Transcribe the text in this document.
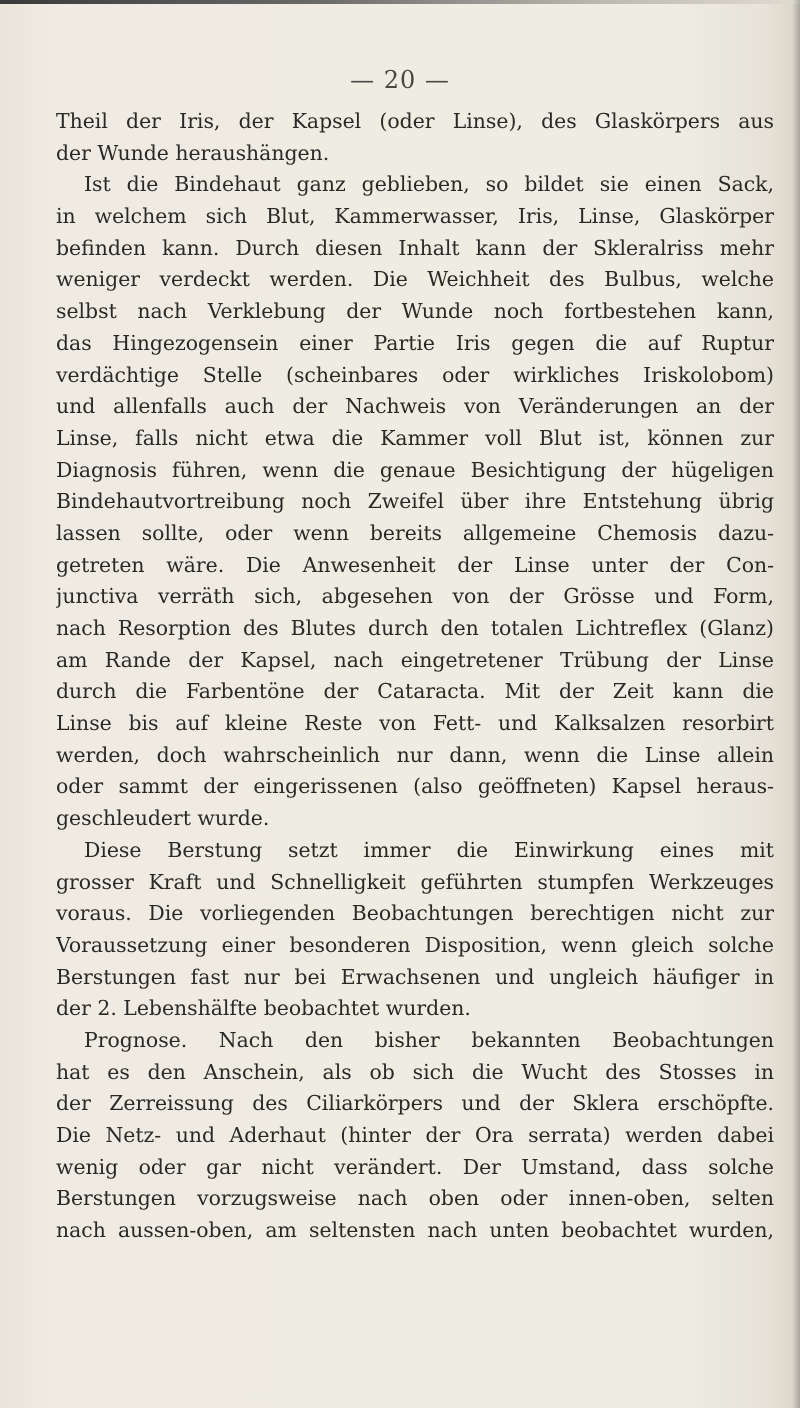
— 20 —
Theil der Iris, der Kapsel (oder Linse), des Glaskörpers aus
der Wunde heraushängen.
Ist die Bindehaut ganz geblieben, so bildet sie einen Sack,
in welchem sich Blut, Kammerwasser, Iris, Linse, Glaskörper
befinden kann. Durch diesen Inhalt kann der Skleralriss mehr
weniger verdeckt werden. Die Weichheit des Bulbus, welche
selbst nach Verklebung der Wunde noch fortbestehen kann,
das Hingezogensein einer Partie Iris gegen die auf Ruptur
verdächtige Stelle (scheinbares oder wirkliches Iriskolobom)
und allenfalls auch der Nachweis von Veränderungen an der
Linse, falls nicht etwa die Kammer voll Blut ist, können zur
Diagnosis führen, wenn die genaue Besichtigung der hügeligen
Bindehautvortreibung noch Zweifel über ihre Entstehung übrig
lassen sollte, oder wenn bereits allgemeine Chemosis dazu-
getreten wäre. Die Anwesenheit der Linse unter der Con-
junctiva verräth sich, abgesehen von der Grösse und Form,
nach Resorption des Blutes durch den totalen Lichtreflex (Glanz)
am Rande der Kapsel, nach eingetretener Trübung der Linse
durch die Farbentöne der Cataracta. Mit der Zeit kann die
Linse bis auf kleine Reste von Fett- und Kalksalzen resorbirt
werden, doch wahrscheinlich nur dann, wenn die Linse allein
oder sammt der eingerissenen (also geöffneten) Kapsel heraus-
geschleudert wurde.
Diese Berstung setzt immer die Einwirkung eines mit
grosser Kraft und Schnelligkeit geführten stumpfen Werkzeuges
voraus. Die vorliegenden Beobachtungen berechtigen nicht zur
Voraussetzung einer besonderen Disposition, wenn gleich solche
Berstungen fast nur bei Erwachsenen und ungleich häufiger in
der 2. Lebenshälfte beobachtet wurden.
Prognose. Nach den bisher bekannten Beobachtungen
hat es den Anschein, als ob sich die Wucht des Stosses in
der Zerreissung des Ciliarkörpers und der Sklera erschöpfte.
Die Netz- und Aderhaut (hinter der Ora serrata) werden dabei
wenig oder gar nicht verändert. Der Umstand, dass solche
Berstungen vorzugsweise nach oben oder innen-oben, selten
nach aussen-oben, am seltensten nach unten beobachtet wurden,
